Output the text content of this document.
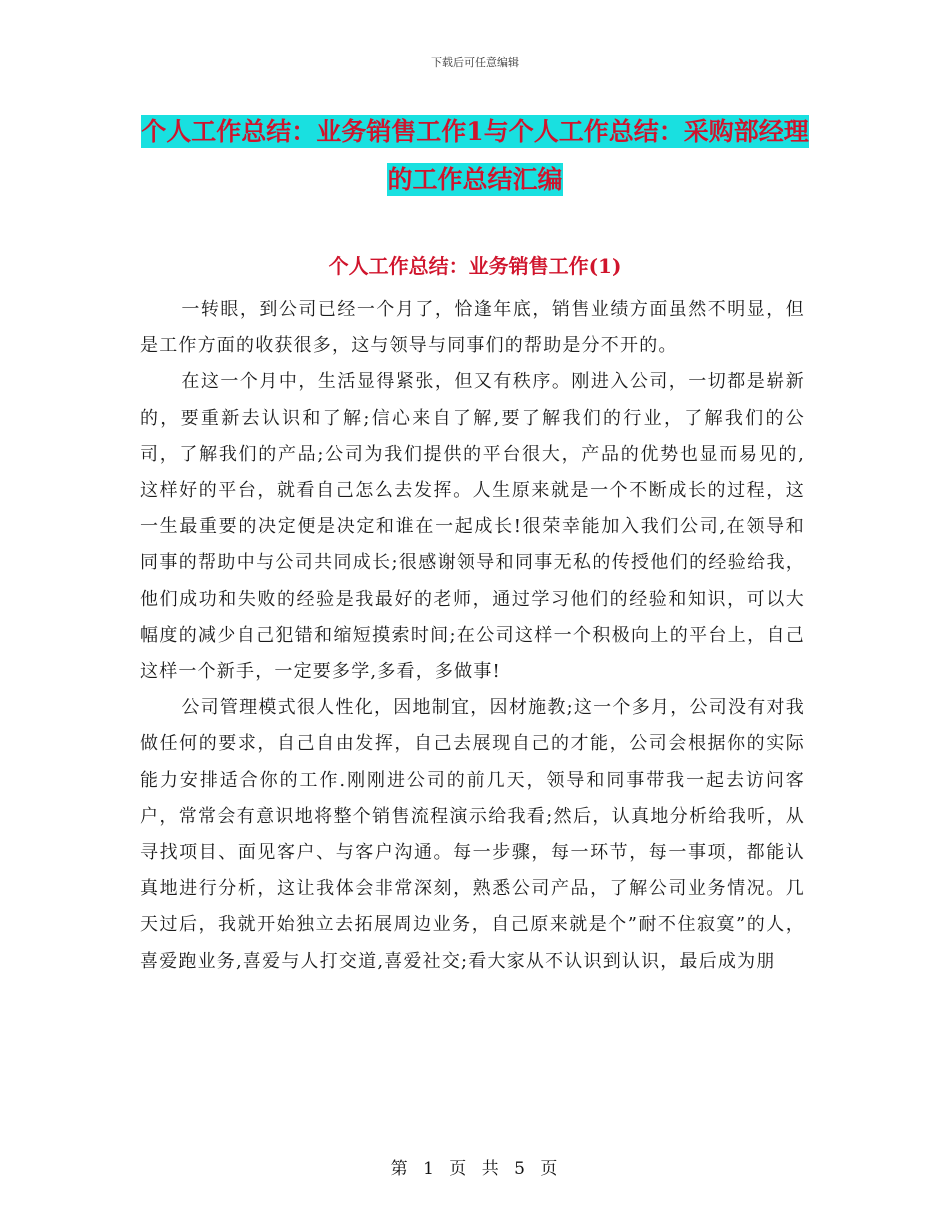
下载后可任意编辑
个人工作总结：业务销售工作1与个人工作总结：采购部经理的工作总结汇编
个人工作总结：业务销售工作(1)

一转眼，到公司已经一个月了，恰逢年底，销售业绩方面虽然不明显，但是工作方面的收获很多，这与领导与同事们的帮助是分不开的。

在这一个月中，生活显得紧张，但又有秩序。刚进入公司，一切都是崭新的，要重新去认识和了解;信心来自了解,要了解我们的行业，了解我们的公司，了解我们的产品;公司为我们提供的平台很大，产品的优势也显而易见的,这样好的平台，就看自己怎么去发挥。人生原来就是一个不断成长的过程，这一生最重要的决定便是决定和谁在一起成长!很荣幸能加入我们公司,在领导和同事的帮助中与公司共同成长;很感谢领导和同事无私的传授他们的经验给我，他们成功和失败的经验是我最好的老师，通过学习他们的经验和知识，可以大幅度的减少自己犯错和缩短摸索时间;在公司这样一个积极向上的平台上，自己这样一个新手，一定要多学,多看，多做事!

公司管理模式很人性化，因地制宜，因材施教;这一个多月，公司没有对我做任何的要求，自己自由发挥，自己去展现自己的才能，公司会根据你的实际能力安排适合你的工作.刚刚进公司的前几天，领导和同事带我一起去访问客户，常常会有意识地将整个销售流程演示给我看;然后，认真地分析给我听，从寻找项目、面见客户、与客户沟通。每一步骤，每一环节，每一事项，都能认真地进行分析，这让我体会非常深刻，熟悉公司产品，了解公司业务情况。几天过后，我就开始独立去拓展周边业务，自己原来就是个”耐不住寂寞”的人，喜爱跑业务,喜爱与人打交道,喜爱社交;看大家从不认识到认识，最后成为朋

第 1 页 共 5 页
